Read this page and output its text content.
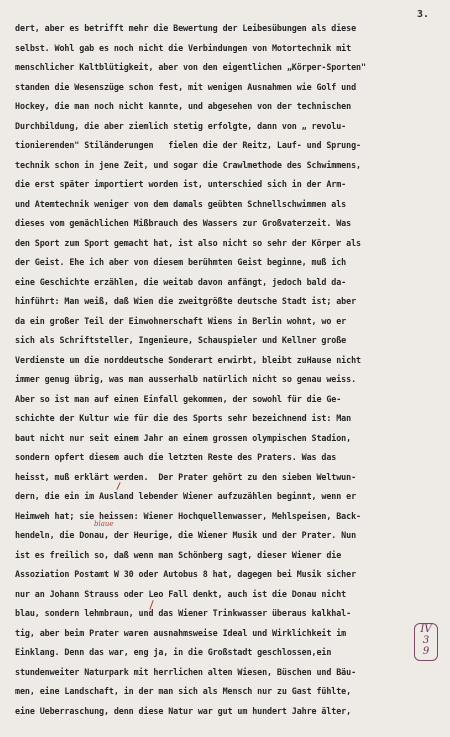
3.
dert, aber es betrifft mehr die Bewertung der Leibesübungen als diese
selbst. Wohl gab es noch nicht die Verbindungen von Motortechnik mit
menschlicher Kaltblütigkeit, aber von den eigentlichen „Körper-Sporten"
standen die Wesenszüge schon fest, mit wenigen Ausnahmen wie Golf und
Hockey, die man noch nicht kannte, und abgesehen von der technischen
Durchbildung, die aber ziemlich stetig erfolgte, dann von „ revolu-
tionierenden" Stiländerungen   fielen die der Reitz, Lauf- und Sprung-
technik schon in jene Zeit, und sogar die Crawlmethode des Schwimmens,
die erst später importiert worden ist, unterschied sich in der Arm-
und Atemtechnik weniger von dem damals geübten Schnellschwimmen als
dieses vom gemächlichen Mißbrauch des Wassers zur Großvaterzeit. Was
den Sport zum Sport gemacht hat, ist also nicht so sehr der Körper als
der Geist. Ehe ich aber von diesem berühmten Geist beginne, muß ich
eine Geschichte erzählen, die weitab davon anfängt, jedoch bald da-
hinführt: Man weiß, daß Wien die zweitgrößte deutsche Stadt ist; aber
da ein großer Teil der Einwohnerschaft Wiens in Berlin wohnt, wo er
sich als Schriftsteller, Ingenieure, Schauspieler und Kellner große
Verdienste um die norddeutsche Sonderart erwirbt, bleibt zuHause nicht
immer genug übrig, was man ausserhalb natürlich nicht so genau weiss.
Aber so ist man auf einen Einfall gekommen, der sowohl für die Ge-
schichte der Kultur wie für die des Sports sehr bezeichnend ist: Man
baut nicht nur seit einem Jahr an einem grossen olympischen Stadion,
sondern opfert diesem auch die letzten Reste des Praters. Was das
heisst, muß erklärt werden.  Der Prater gehört zu den sieben Weltwun-
dern, die ein im Ausland lebender Wiener aufzuzählen beginnt, wenn er
Heimweh hat; sie heissen: Wiener Hochquellenwasser, Mehlspeisen, Back-
hendeln, die Donau, der Heurige, die Wiener Musik und der Prater. Nun
ist es freilich so, daß wenn man Schönberg sagt, dieser Wiener die
Assoziation Postamt W 30 oder Autobus 8 hat, dagegen bei Musik sicher
nur an Johann Strauss oder Leo Fall denkt, auch ist die Donau nicht
blau, sondern lehmbraun, und das Wiener Trinkwasser überaus kalkhal-
tig, aber beim Prater waren ausnahmsweise Ideal und Wirklichkeit im
Einklang. Denn das war, eng ja, in die Großstadt geschlossen,ein
stundenweiter Naturpark mit herrlichen alten Wiesen, Büschen und Bäu-
men, eine Landschaft, in der man sich als Mensch nur zu Gast fühlte,
eine Ueberraschung, denn diese Natur war gut um hundert Jahre älter,
blaue
IV
3
9
